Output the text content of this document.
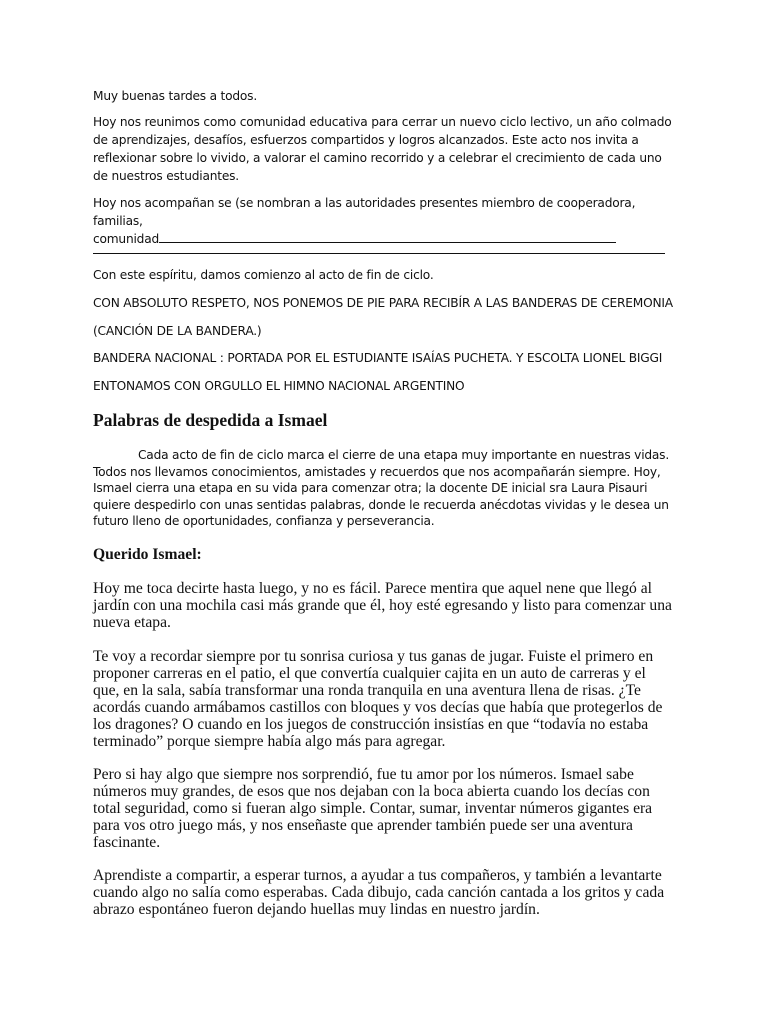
Muy buenas tardes a todos.

Hoy nos reunimos como comunidad educativa para cerrar un nuevo ciclo lectivo, un año colmado de aprendizajes, desafíos, esfuerzos compartidos y logros alcanzados. Este acto nos invita a reflexionar sobre lo vivido, a valorar el camino recorrido y a celebrar el crecimiento de cada uno de nuestros estudiantes.

Hoy nos acompañan se (se nombran a las autoridades presentes miembro de cooperadora, familias,
comunidad

Con este espíritu, damos comienzo al acto de fin de ciclo.

CON ABSOLUTO RESPETO, NOS PONEMOS DE PIE PARA RECIBÍR A LAS BANDERAS DE CEREMONIA

(CANCIÓN DE LA BANDERA.)

BANDERA NACIONAL : PORTADA POR EL ESTUDIANTE ISAÍAS PUCHETA. Y ESCOLTA LIONEL BIGGI

ENTONAMOS CON ORGULLO EL HIMNO NACIONAL ARGENTINO

Palabras de despedida a Ismael

Cada acto de fin de ciclo marca el cierre de una etapa muy importante en nuestras vidas. Todos nos llevamos conocimientos, amistades y recuerdos que nos acompañarán siempre. Hoy, Ismael cierra una etapa en su vida para comenzar otra; la docente DE inicial sra Laura Pisauri quiere despedirlo con unas sentidas palabras, donde le recuerda anécdotas vividas y le desea un futuro lleno de oportunidades, confianza y perseverancia.

Querido Ismael:

Hoy me toca decirte hasta luego, y no es fácil. Parece mentira que aquel nene que llegó al jardín con una mochila casi más grande que él, hoy esté egresando y listo para comenzar una nueva etapa.

Te voy a recordar siempre por tu sonrisa curiosa y tus ganas de jugar. Fuiste el primero en proponer carreras en el patio, el que convertía cualquier cajita en un auto de carreras y el que, en la sala, sabía transformar una ronda tranquila en una aventura llena de risas. ¿Te acordás cuando armábamos castillos con bloques y vos decías que había que protegerlos de los dragones? O cuando en los juegos de construcción insistías en que “todavía no estaba terminado” porque siempre había algo más para agregar.

Pero si hay algo que siempre nos sorprendió, fue tu amor por los números. Ismael sabe números muy grandes, de esos que nos dejaban con la boca abierta cuando los decías con total seguridad, como si fueran algo simple. Contar, sumar, inventar números gigantes era para vos otro juego más, y nos enseñaste que aprender también puede ser una aventura fascinante.

Aprendiste a compartir, a esperar turnos, a ayudar a tus compañeros, y también a levantarte cuando algo no salía como esperabas. Cada dibujo, cada canción cantada a los gritos y cada abrazo espontáneo fueron dejando huellas muy lindas en nuestro jardín.
